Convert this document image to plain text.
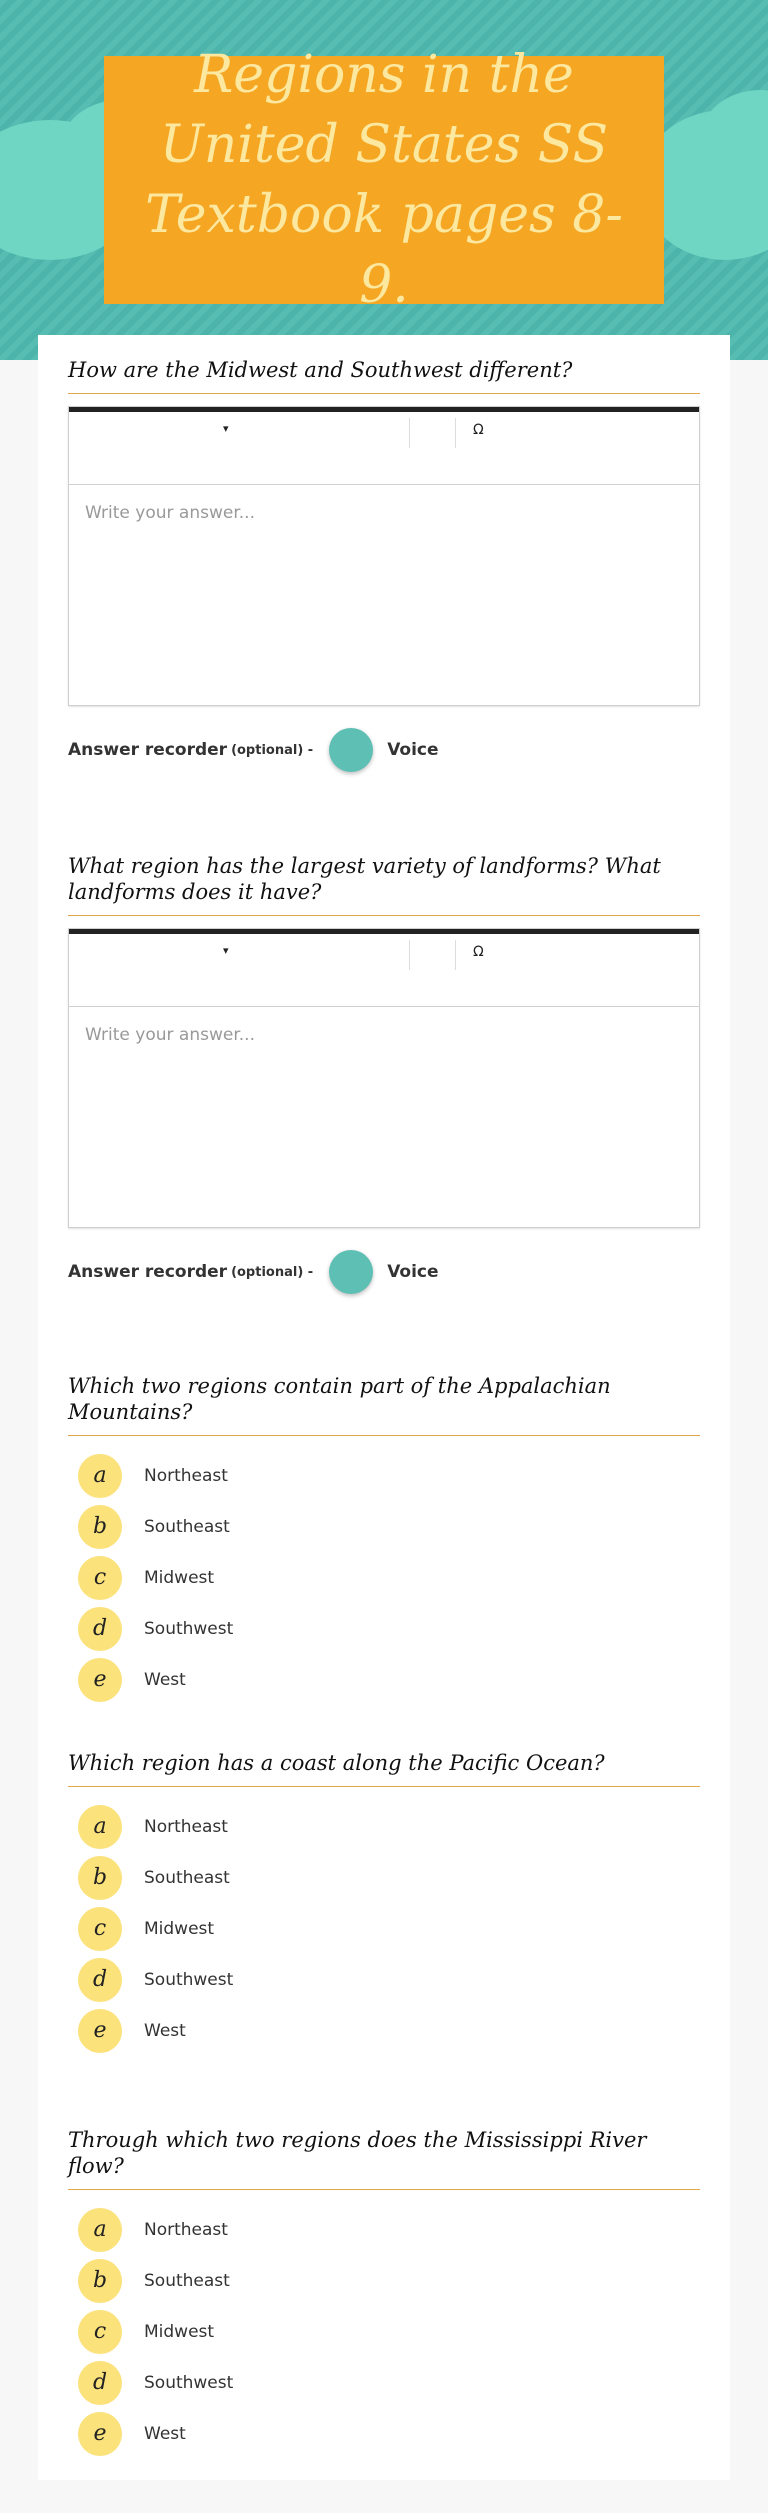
Regions in the United States SS Textbook pages 8-9.
How are the Midwest and Southwest different?
▾	Ω
Write your answer...
Answer recorder (optional) -	Voice
What region has the largest variety of landforms? What landforms does it have?
▾	Ω
Write your answer...
Answer recorder (optional) -	Voice
Which two regions contain part of the Appalachian Mountains?
a	Northeast
b	Southeast
c	Midwest
d	Southwest
e	West
Which region has a coast along the Pacific Ocean?
a	Northeast
b	Southeast
c	Midwest
d	Southwest
e	West
Through which two regions does the Mississippi River flow?
a	Northeast
b	Southeast
c	Midwest
d	Southwest
e	West
